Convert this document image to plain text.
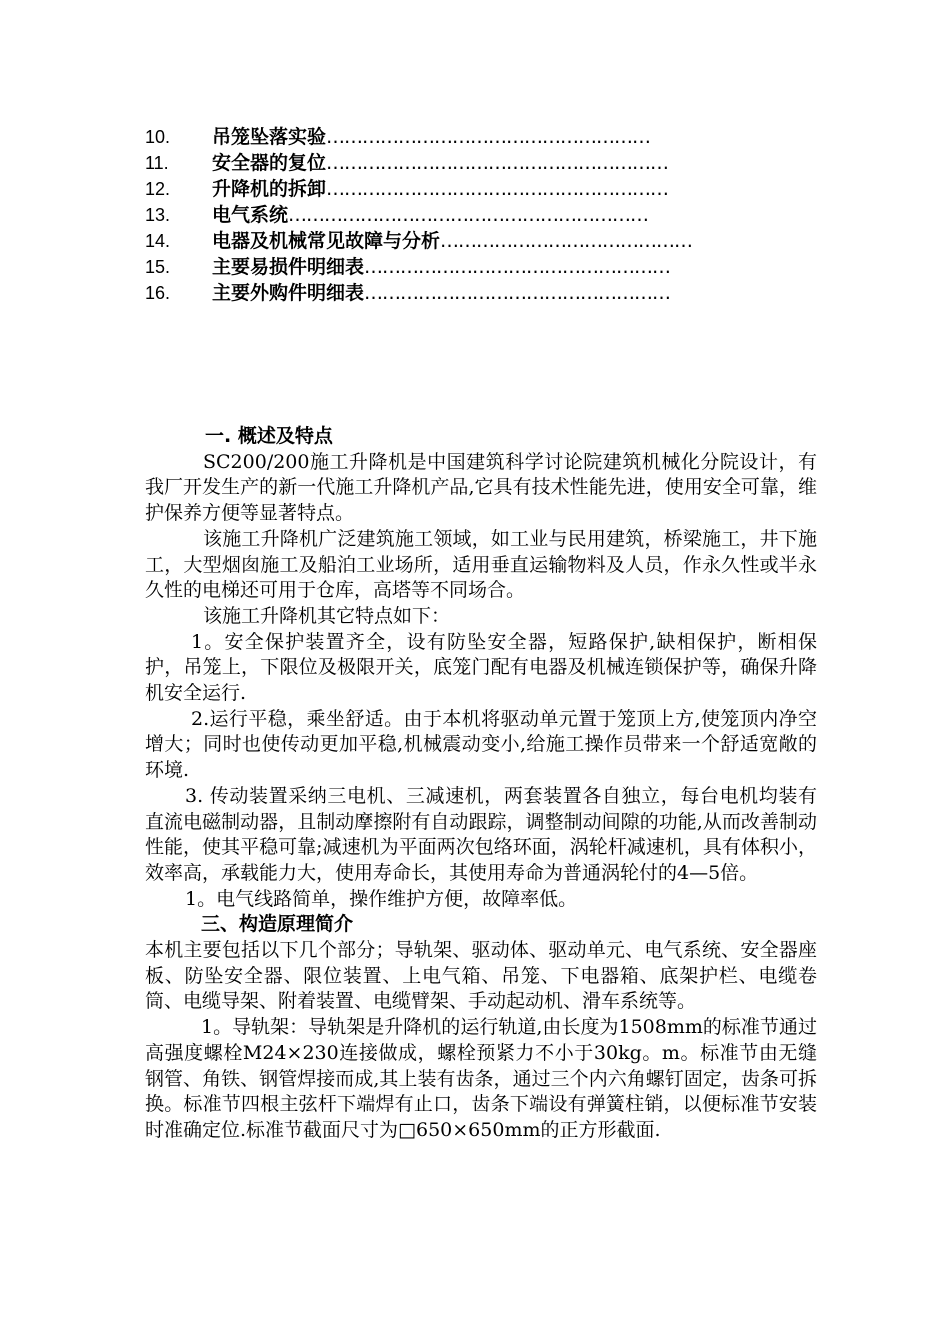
10. 吊笼坠落实验………………………………………………
11. 安全器的复位…………………………………………………
12. 升降机的拆卸…………………………………………………
13. 电气系统……………………………………………………
14. 电器及机械常见故障与分析……………………………………
15. 主要易损件明细表……………………………………………
16. 主要外购件明细表……………………………………………

一. 概述及特点

SC200/200施工升降机是中国建筑科学讨论院建筑机械化分院设计，有我厂开发生产的新一代施工升降机产品,它具有技术性能先进，使用安全可靠，维护保养方便等显著特点。

该施工升降机广泛建筑施工领域，如工业与民用建筑，桥梁施工，井下施工，大型烟囱施工及船泊工业场所，适用垂直运输物料及人员，作永久性或半永久性的电梯还可用于仓库，高塔等不同场合。

该施工升降机其它特点如下：

1。安全保护装置齐全，设有防坠安全器，短路保护,缺相保护，断相保护，吊笼上，下限位及极限开关，底笼门配有电器及机械连锁保护等，确保升降机安全运行.

2.运行平稳，乘坐舒适。由于本机将驱动单元置于笼顶上方,使笼顶内净空增大；同时也使传动更加平稳,机械震动变小,给施工操作员带来一个舒适宽敞的环境.

3. 传动装置采纳三电机、三减速机，两套装置各自独立，每台电机均装有直流电磁制动器，且制动摩擦附有自动跟踪，调整制动间隙的功能,从而改善制动性能，使其平稳可靠;减速机为平面两次包络环面，涡轮杆减速机，具有体积小，效率高，承载能力大，使用寿命长，其使用寿命为普通涡轮付的4—5倍。

1。电气线路简单，操作维护方便，故障率低。

三、构造原理简介

本机主要包括以下几个部分；导轨架、驱动体、驱动单元、电气系统、安全器座板、防坠安全器、限位装置、上电气箱、吊笼、下电器箱、底架护栏、电缆卷筒、电缆导架、附着装置、电缆臂架、手动起动机、滑车系统等。

1。导轨架：导轨架是升降机的运行轨道,由长度为1508mm的标准节通过高强度螺栓M24×230连接做成，螺栓预紧力不小于30kg。m。标准节由无缝钢管、角铁、钢管焊接而成,其上装有齿条，通过三个内六角螺钉固定，齿条可拆换。标准节四根主弦杆下端焊有止口，齿条下端设有弹簧柱销，以便标准节安装时准确定位.标准节截面尺寸为□650×650mm的正方形截面.
